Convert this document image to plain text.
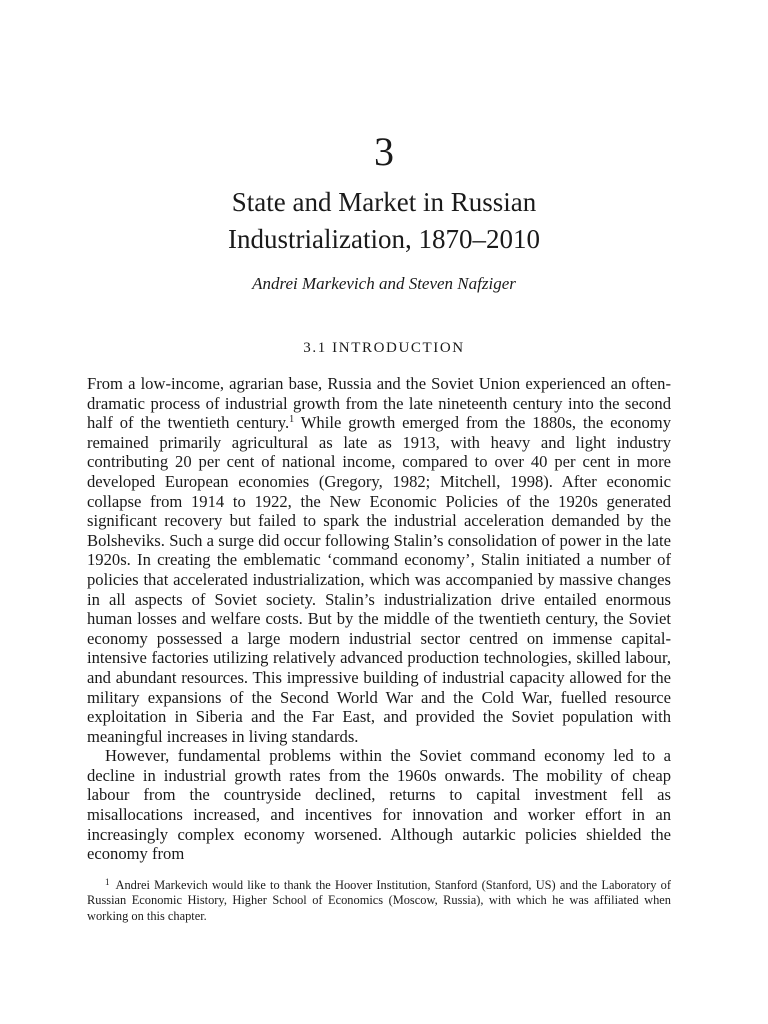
3
State and Market in Russian
Industrialization, 1870–2010
Andrei Markevich and Steven Nafziger
3.1 INTRODUCTION

From a low-income, agrarian base, Russia and the Soviet Union experienced an often-dramatic process of industrial growth from the late nineteenth century into the second half of the twentieth century.$^1$ While growth emerged from the 1880s, the economy remained primarily agricultural as late as 1913, with heavy and light industry contributing 20 per cent of national income, compared to over 40 per cent in more developed European economies (Gregory, 1982; Mitchell, 1998). After economic collapse from 1914 to 1922, the New Economic Policies of the 1920s generated significant recovery but failed to spark the industrial acceleration demanded by the Bolsheviks. Such a surge did occur following Stalin’s consolidation of power in the late 1920s. In creating the emblematic ‘command economy’, Stalin initiated a number of policies that accelerated industrialization, which was accompanied by massive changes in all aspects of Soviet society. Stalin’s industrialization drive entailed enormous human losses and welfare costs. But by the middle of the twentieth century, the Soviet economy possessed a large modern industrial sector centred on immense capital-intensive factories utilizing relatively advanced production technologies, skilled labour, and abundant resources. This impressive building of industrial capacity allowed for the military expansions of the Second World War and the Cold War, fuelled resource exploitation in Siberia and the Far East, and provided the Soviet population with meaningful increases in living standards.

However, fundamental problems within the Soviet command economy led to a decline in industrial growth rates from the 1960s onwards. The mobility of cheap labour from the countryside declined, returns to capital investment fell as misallocations increased, and incentives for innovation and worker effort in an increasingly complex economy worsened. Although autarkic policies shielded the economy from

$^1$ Andrei Markevich would like to thank the Hoover Institution, Stanford (Stanford, US) and the Laboratory of Russian Economic History, Higher School of Economics (Moscow, Russia), with which he was affiliated when working on this chapter.
